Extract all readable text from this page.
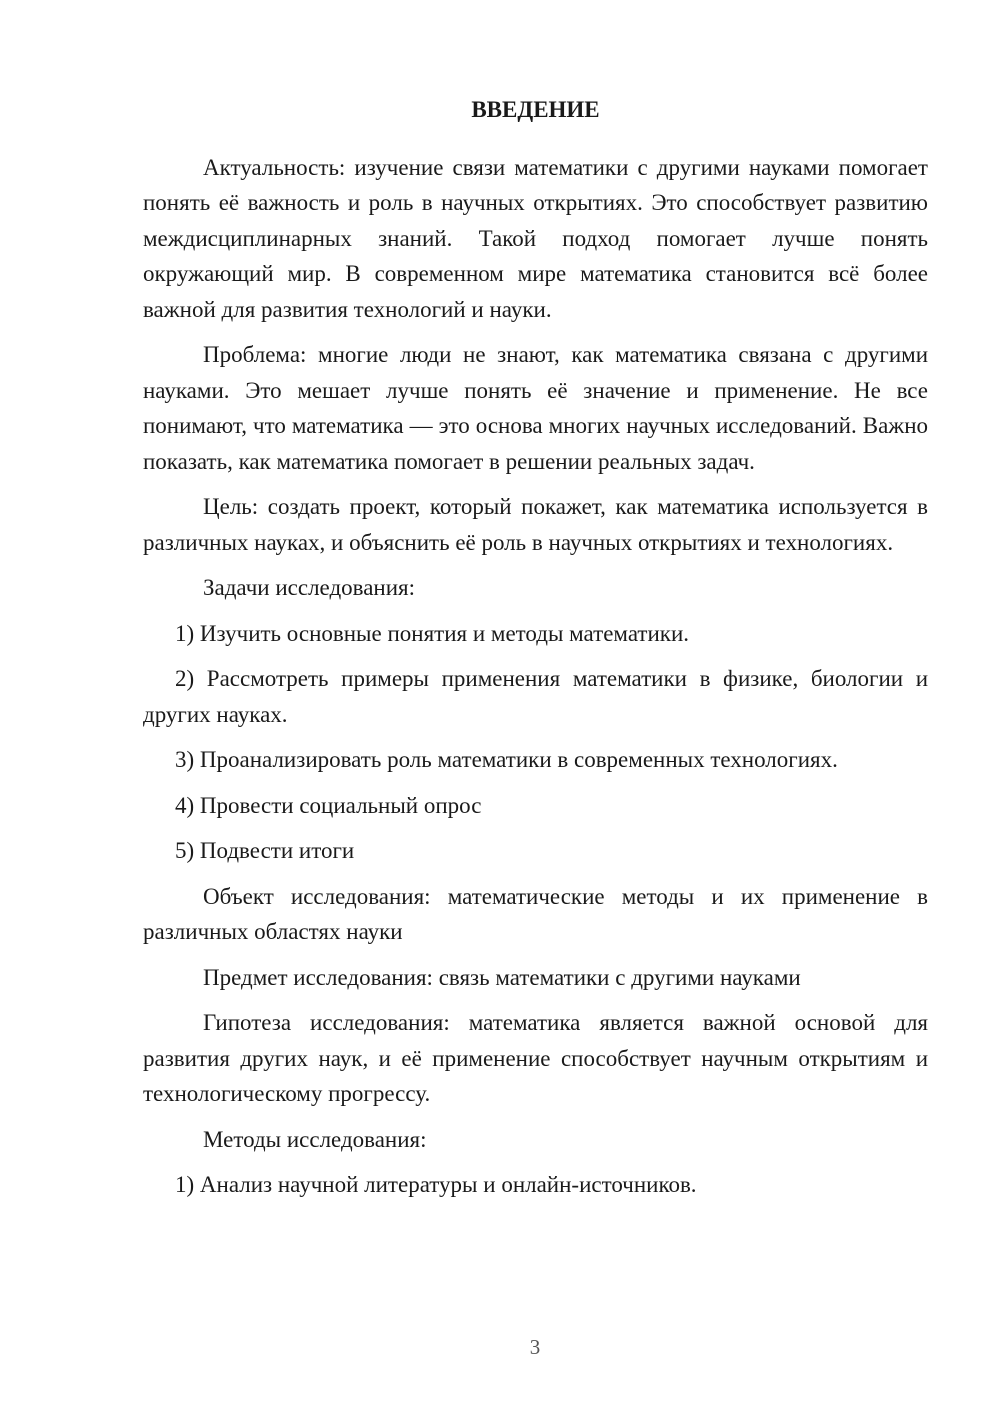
ВВЕДЕНИЕ

Актуальность: изучение связи математики с другими науками помогает понять её важность и роль в научных открытиях. Это способствует развитию междисциплинарных знаний. Такой подход помогает лучше понять окружающий мир. В современном мире математика становится всё более важной для развития технологий и науки.

Проблема: многие люди не знают, как математика связана с другими науками. Это мешает лучше понять её значение и применение. Не все понимают, что математика — это основа многих научных исследований. Важно показать, как математика помогает в решении реальных задач.

Цель: создать проект, который покажет, как математика используется в различных науках, и объяснить её роль в научных открытиях и технологиях.

Задачи исследования:

1) Изучить основные понятия и методы математики.

2) Рассмотреть примеры применения математики в физике, биологии и других науках.

3) Проанализировать роль математики в современных технологиях.

4) Провести социальный опрос

5) Подвести итоги

Объект исследования: математические методы и их применение в различных областях науки

Предмет исследования: связь математики с другими науками

Гипотеза исследования: математика является важной основой для развития других наук, и её применение способствует научным открытиям и технологическому прогрессу.

Методы исследования:

1) Анализ научной литературы и онлайн-источников.

3
